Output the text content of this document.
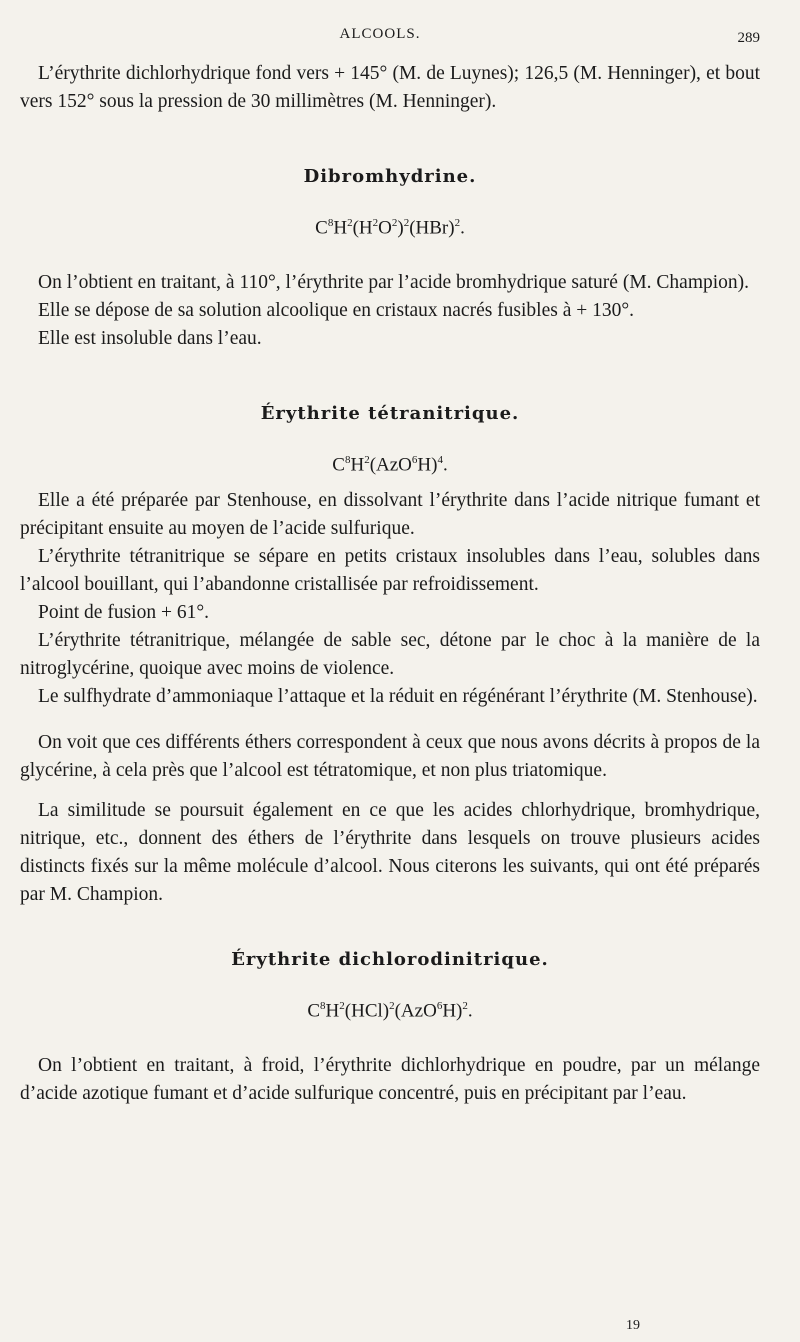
ALCOOLS.	289

L’érythrite dichlorhydrique fond vers + 145° (M. de Luynes); 126,5 (M. Henninger), et bout vers 152° sous la pression de 30 millimètres (M. Henninger).

Dibromhydrine.
$C^8H^2(H^2O^2)^2(HBr)^2$.

On l’obtient en traitant, à 110°, l’érythrite par l’acide bromhydrique saturé (M. Champion).

Elle se dépose de sa solution alcoolique en cristaux nacrés fusibles à + 130°.

Elle est insoluble dans l’eau.

Érythrite tétranitrique.
$C^8H^2(AzO^6H)^4$.

Elle a été préparée par Stenhouse, en dissolvant l’érythrite dans l’acide nitrique fumant et précipitant ensuite au moyen de l’acide sulfurique.

L’érythrite tétranitrique se sépare en petits cristaux insolubles dans l’eau, solubles dans l’alcool bouillant, qui l’abandonne cristallisée par refroidissement.

Point de fusion + 61°.

L’érythrite tétranitrique, mélangée de sable sec, détone par le choc à la manière de la nitroglycérine, quoique avec moins de violence.

Le sulfhydrate d’ammoniaque l’attaque et la réduit en régénérant l’érythrite (M. Stenhouse).

On voit que ces différents éthers correspondent à ceux que nous avons décrits à propos de la glycérine, à cela près que l’alcool est tétratomique, et non plus triatomique.

La similitude se poursuit également en ce que les acides chlorhydrique, bromhydrique, nitrique, etc., donnent des éthers de l’érythrite dans lesquels on trouve plusieurs acides distincts fixés sur la même molécule d’alcool. Nous citerons les suivants, qui ont été préparés par M. Champion.

Érythrite dichlorodinitrique.
$C^8H^2(HCl)^2(AzO^6H)^2$.

On l’obtient en traitant, à froid, l’érythrite dichlorhydrique en poudre, par un mélange d’acide azotique fumant et d’acide sulfurique concentré, puis en précipitant par l’eau.

19
